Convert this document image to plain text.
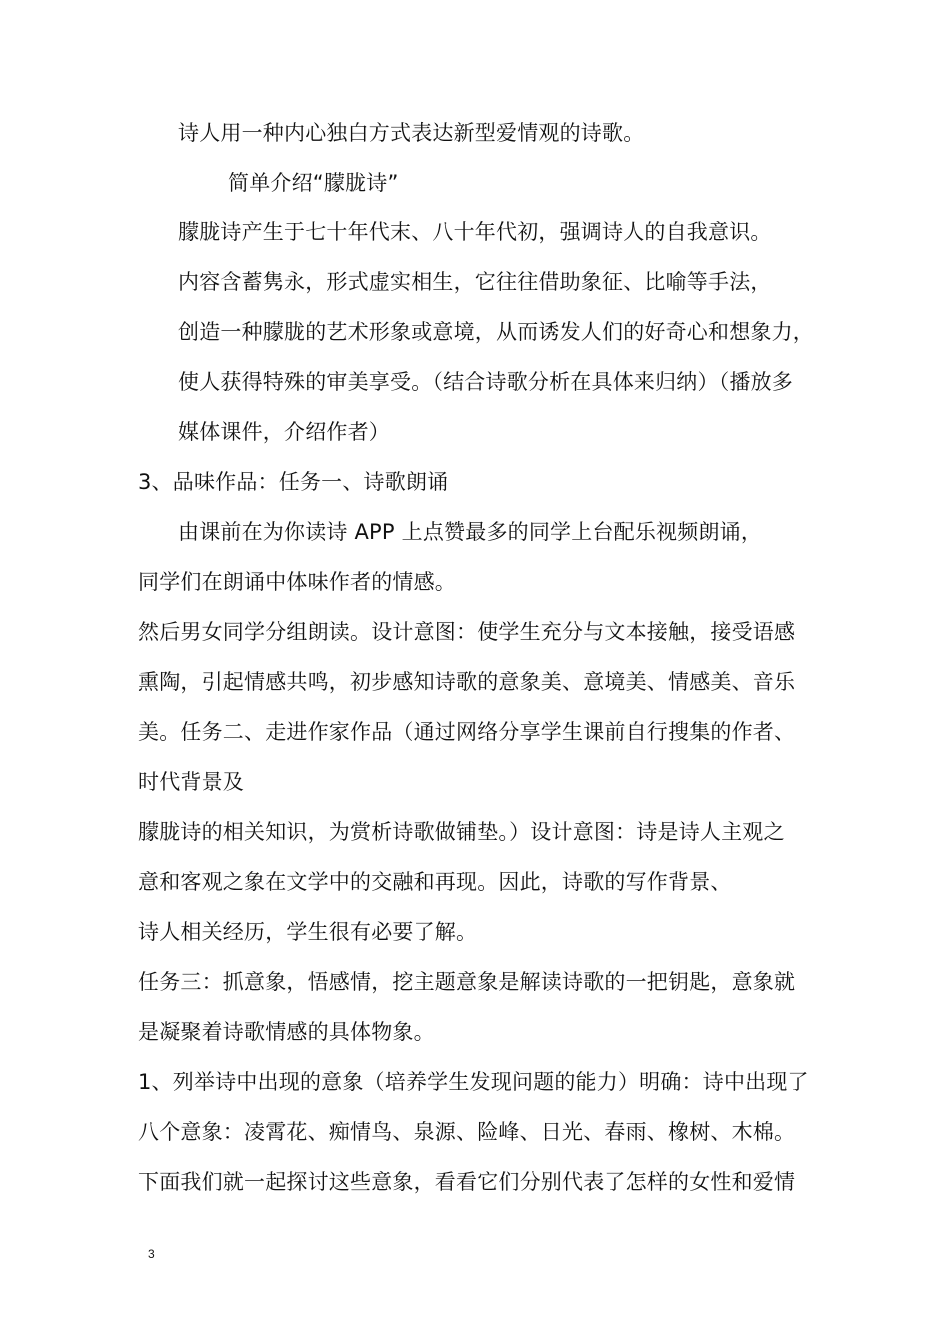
诗人用一种内心独白方式表达新型爱情观的诗歌。
简单介绍“朦胧诗”
朦胧诗产生于七十年代末、八十年代初，强调诗人的自我意识。
内容含蓄隽永，形式虚实相生，它往往借助象征、比喻等手法，
创造一种朦胧的艺术形象或意境，从而诱发人们的好奇心和想象力，
使人获得特殊的审美享受。（结合诗歌分析在具体来归纳）（播放多
媒体课件，介绍作者）
3、品味作品：任务一、诗歌朗诵
由课前在为你读诗 APP 上点赞最多的同学上台配乐视频朗诵，
同学们在朗诵中体味作者的情感。
然后男女同学分组朗读。设计意图：使学生充分与文本接触，接受语感
熏陶，引起情感共鸣，初步感知诗歌的意象美、意境美、情感美、音乐
美。任务二、走进作家作品（通过网络分享学生课前自行搜集的作者、
时代背景及
朦胧诗的相关知识，为赏析诗歌做铺垫。）设计意图：诗是诗人主观之
意和客观之象在文学中的交融和再现。因此，诗歌的写作背景、
诗人相关经历，学生很有必要了解。
任务三：抓意象，悟感情，挖主题意象是解读诗歌的一把钥匙，意象就
是凝聚着诗歌情感的具体物象。
1、列举诗中出现的意象（培养学生发现问题的能力）明确：诗中出现了
八个意象：凌霄花、痴情鸟、泉源、险峰、日光、春雨、橡树、木棉。
下面我们就一起探讨这些意象，看看它们分别代表了怎样的女性和爱情
3
